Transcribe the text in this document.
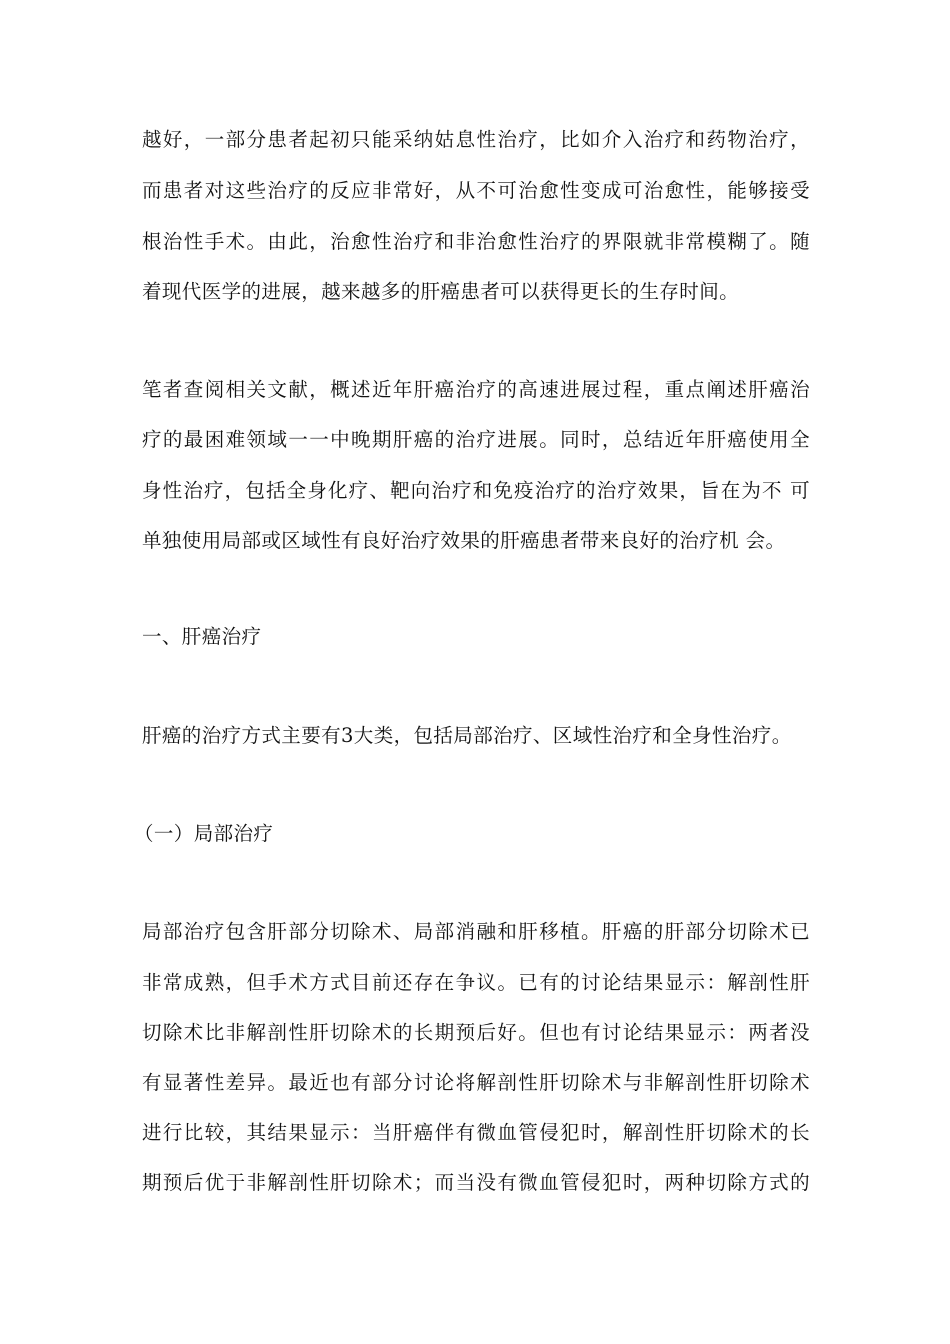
越好，一部分患者起初只能采纳姑息性治疗，比如介入治疗和药物治疗，
而患者对这些治疗的反应非常好，从不可治愈性变成可治愈性，能够接受
根治性手术。由此，治愈性治疗和非治愈性治疗的界限就非常模糊了。随
着现代医学的进展，越来越多的肝癌患者可以获得更长的生存时间。
笔者查阅相关文献，概述近年肝癌治疗的高速进展过程，重点阐述肝癌治
疗的最困难领域一一中晚期肝癌的治疗进展。同时，总结近年肝癌使用全
身性治疗，包括全身化疗、靶向治疗和免疫治疗的治疗效果，旨在为不 可
单独使用局部或区域性有良好治疗效果的肝癌患者带来良好的治疗机 会。
一、肝癌治疗
肝癌的治疗方式主要有3大类，包括局部治疗、区域性治疗和全身性治疗。
（一）局部治疗
局部治疗包含肝部分切除术、局部消融和肝移植。肝癌的肝部分切除术已
非常成熟，但手术方式目前还存在争议。已有的讨论结果显示：解剖性肝
切除术比非解剖性肝切除术的长期预后好。但也有讨论结果显示：两者没
有显著性差异。最近也有部分讨论将解剖性肝切除术与非解剖性肝切除术
进行比较，其结果显示：当肝癌伴有微血管侵犯时，解剖性肝切除术的长
期预后优于非解剖性肝切除术；而当没有微血管侵犯时，两种切除方式的
